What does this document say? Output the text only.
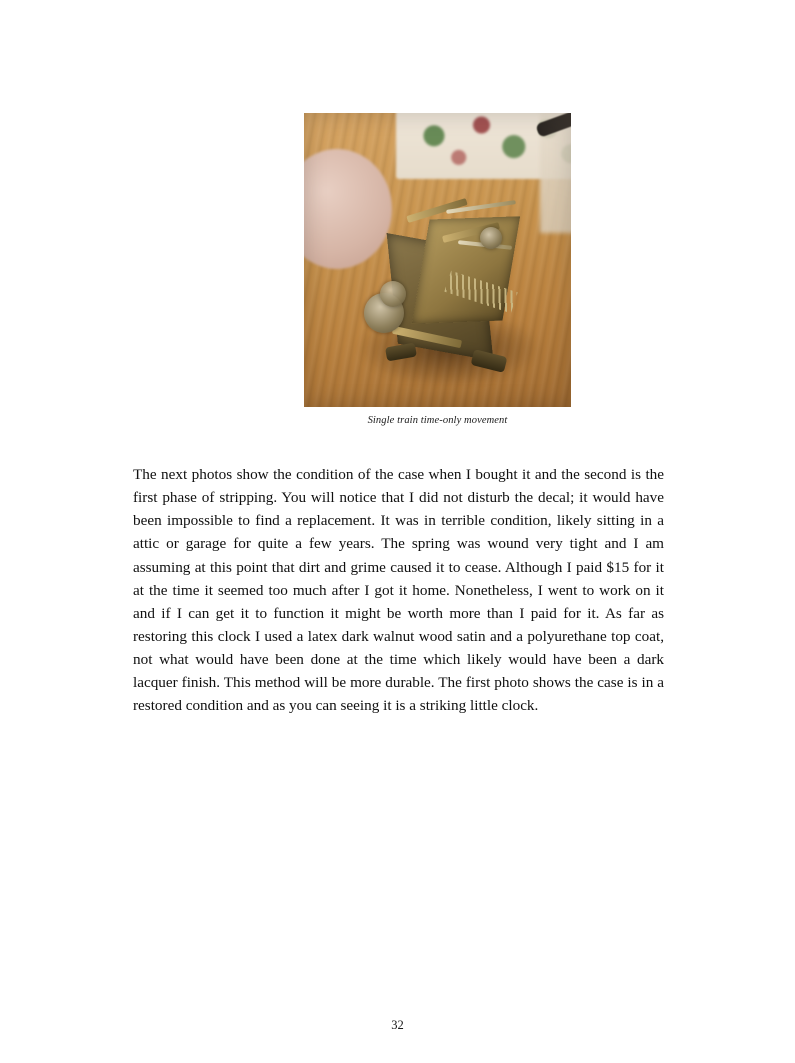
Single train time-only movement

The next photos show the condition of the case when I bought it and the second is the first phase of stripping. You will notice that I did not disturb the decal; it would have been impossible to find a replacement. It was in terrible condition, likely sitting in a attic or garage for quite a few years. The spring was wound very tight and I am assuming at this point that dirt and grime caused it to cease. Although I paid $15 for it at the time it seemed too much after I got it home. Nonetheless, I went to work on it and if I can get it to function it might be worth more than I paid for it. As far as restoring this clock I used a latex dark walnut wood satin and a polyurethane top coat, not what would have been done at the time which likely would have been a dark lacquer finish. This method will be more durable. The first photo shows the case is in a restored condition and as you can seeing it is a striking little clock.

32
